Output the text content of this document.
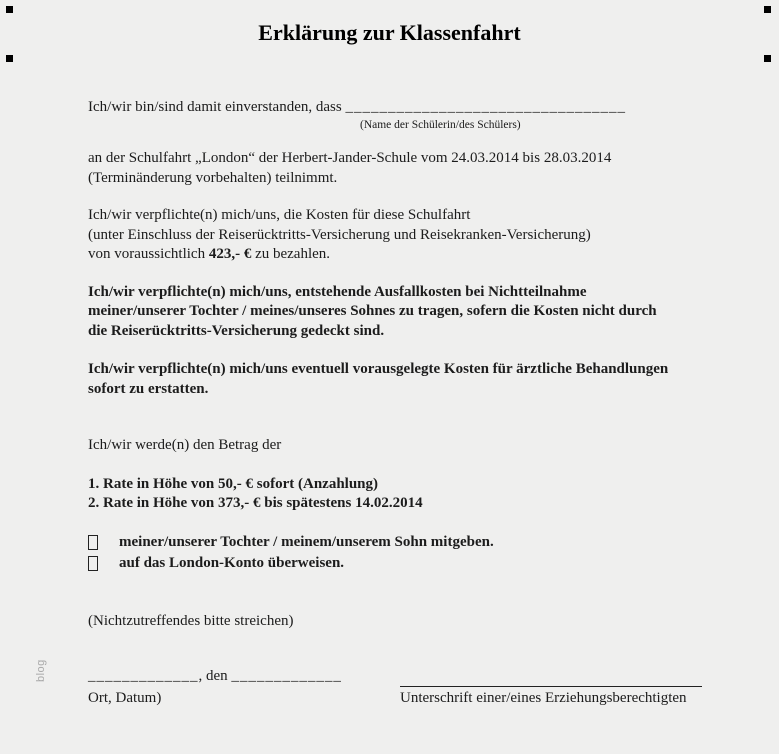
Erklärung zur Klassenfahrt
Ich/wir bin/sind damit einverstanden, dass _________________________________
(Name der Schülerin/des Schülers)
an der Schulfahrt „London“ der Herbert-Jander-Schule vom 24.03.2014 bis 28.03.2014
(Terminänderung vorbehalten) teilnimmt.
Ich/wir verpflichte(n) mich/uns, die Kosten für diese Schulfahrt
(unter Einschluss der Reiserücktritts-Versicherung und Reisekranken-Versicherung)
von voraussichtlich 423,- € zu bezahlen.
Ich/wir verpflichte(n) mich/uns, entstehende Ausfallkosten bei Nichtteilnahme
meiner/unserer Tochter / meines/unseres Sohnes zu tragen, sofern die Kosten nicht durch
die Reiserücktritts-Versicherung gedeckt sind.
Ich/wir verpflichte(n) mich/uns eventuell vorausgelegte Kosten für ärztliche Behandlungen
sofort zu erstatten.
Ich/wir werde(n) den Betrag der
1. Rate in Höhe von 50,- € sofort (Anzahlung)
2. Rate in Höhe von 373,- € bis spätestens 14.02.2014
meiner/unserer Tochter / meinem/unserem Sohn mitgeben.
auf das London-Konto überweisen.
(Nichtzutreffendes bitte streichen)
_____________, den _____________
Ort, Datum)	Unterschrift einer/eines Erziehungsberechtigten
blog
